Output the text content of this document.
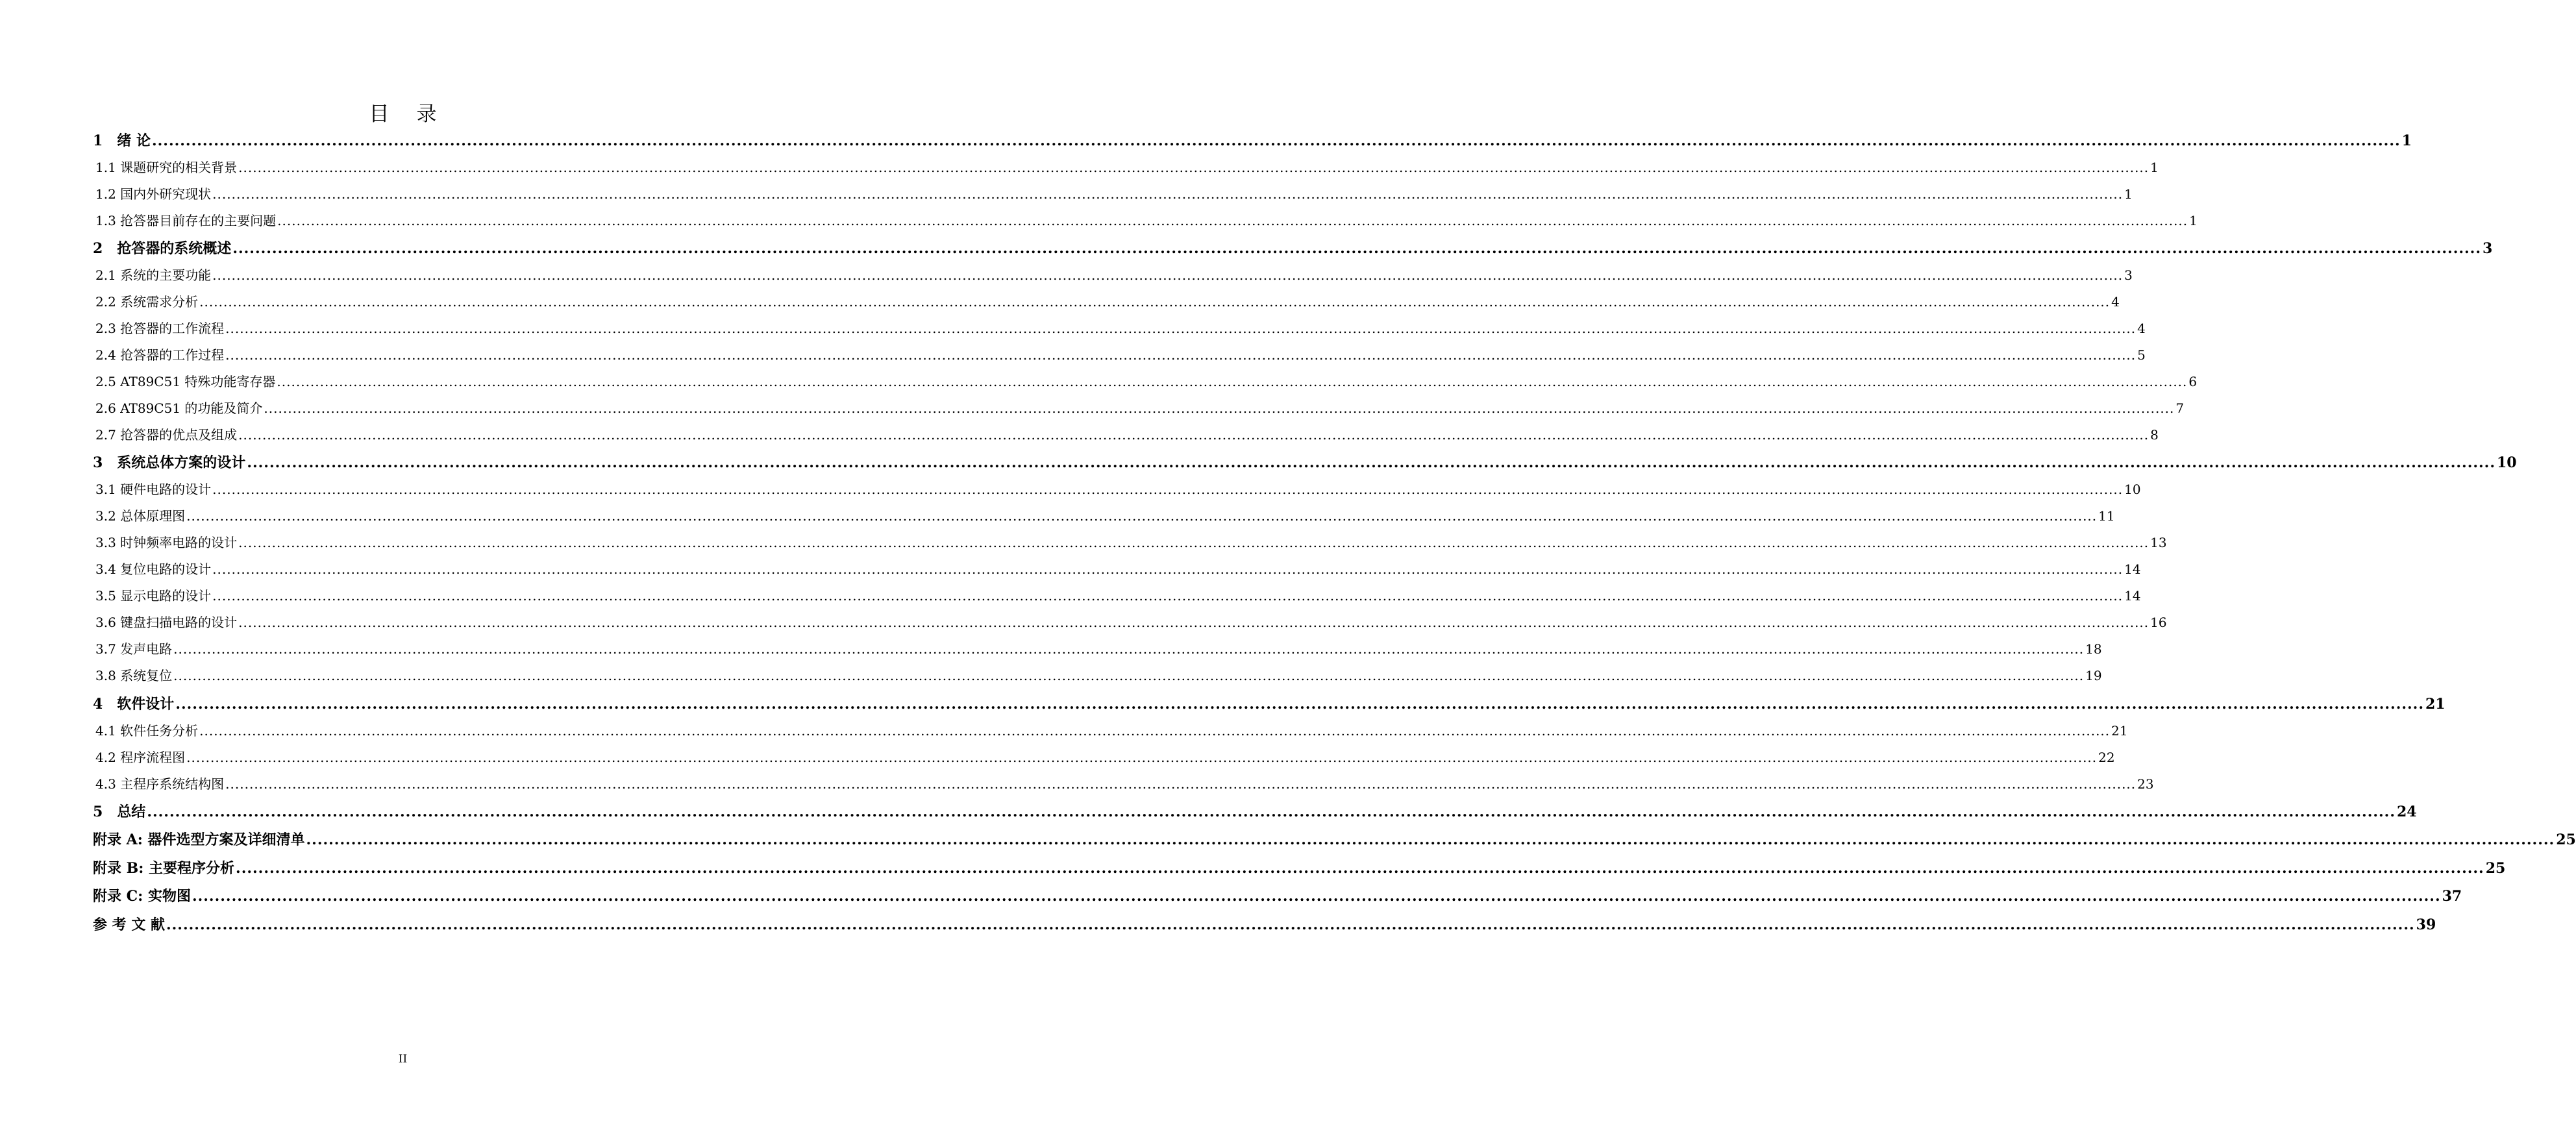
目 录
1　绪 论 ................................................................................................................................................................................................................................................................................................................................................................................................................ 1
1.1 课题研究的相关背景 ................................................................................................................................................................................................................................................................................................................................................................................................................ 1
1.2 国内外研究现状 ................................................................................................................................................................................................................................................................................................................................................................................................................ 1
1.3 抢答器目前存在的主要问题 ................................................................................................................................................................................................................................................................................................................................................................................................................ 1
2　抢答器的系统概述 ................................................................................................................................................................................................................................................................................................................................................................................................................ 3
2.1 系统的主要功能 ................................................................................................................................................................................................................................................................................................................................................................................................................ 3
2.2 系统需求分析 ................................................................................................................................................................................................................................................................................................................................................................................................................ 4
2.3 抢答器的工作流程 ................................................................................................................................................................................................................................................................................................................................................................................................................ 4
2.4 抢答器的工作过程 ................................................................................................................................................................................................................................................................................................................................................................................................................ 5
2.5 AT89C51 特殊功能寄存器 ................................................................................................................................................................................................................................................................................................................................................................................................................ 6
2.6 AT89C51 的功能及简介 ................................................................................................................................................................................................................................................................................................................................................................................................................ 7
2.7 抢答器的优点及组成 ................................................................................................................................................................................................................................................................................................................................................................................................................ 8
3　系统总体方案的设计 ................................................................................................................................................................................................................................................................................................................................................................................................................ 10
3.1 硬件电路的设计 ................................................................................................................................................................................................................................................................................................................................................................................................................ 10
3.2 总体原理图 ................................................................................................................................................................................................................................................................................................................................................................................................................ 11
3.3 时钟频率电路的设计 ................................................................................................................................................................................................................................................................................................................................................................................................................ 13
3.4 复位电路的设计 ................................................................................................................................................................................................................................................................................................................................................................................................................ 14
3.5 显示电路的设计 ................................................................................................................................................................................................................................................................................................................................................................................................................ 14
3.6 键盘扫描电路的设计 ................................................................................................................................................................................................................................................................................................................................................................................................................ 16
3.7 发声电路 ................................................................................................................................................................................................................................................................................................................................................................................................................ 18
3.8 系统复位 ................................................................................................................................................................................................................................................................................................................................................................................................................ 19
4　软件设计 ................................................................................................................................................................................................................................................................................................................................................................................................................ 21
4.1 软件任务分析 ................................................................................................................................................................................................................................................................................................................................................................................................................ 21
4.2 程序流程图 ................................................................................................................................................................................................................................................................................................................................................................................................................ 22
4.3 主程序系统结构图 ................................................................................................................................................................................................................................................................................................................................................................................................................ 23
5　总结 ................................................................................................................................................................................................................................................................................................................................................................................................................ 24
附录 A: 器件选型方案及详细清单 ................................................................................................................................................................................................................................................................................................................................................................................................................ 25
附录 B: 主要程序分析 ................................................................................................................................................................................................................................................................................................................................................................................................................ 25
附录 C: 实物图 ................................................................................................................................................................................................................................................................................................................................................................................................................ 37
参 考 文 献 ................................................................................................................................................................................................................................................................................................................................................................................................................ 39
II
